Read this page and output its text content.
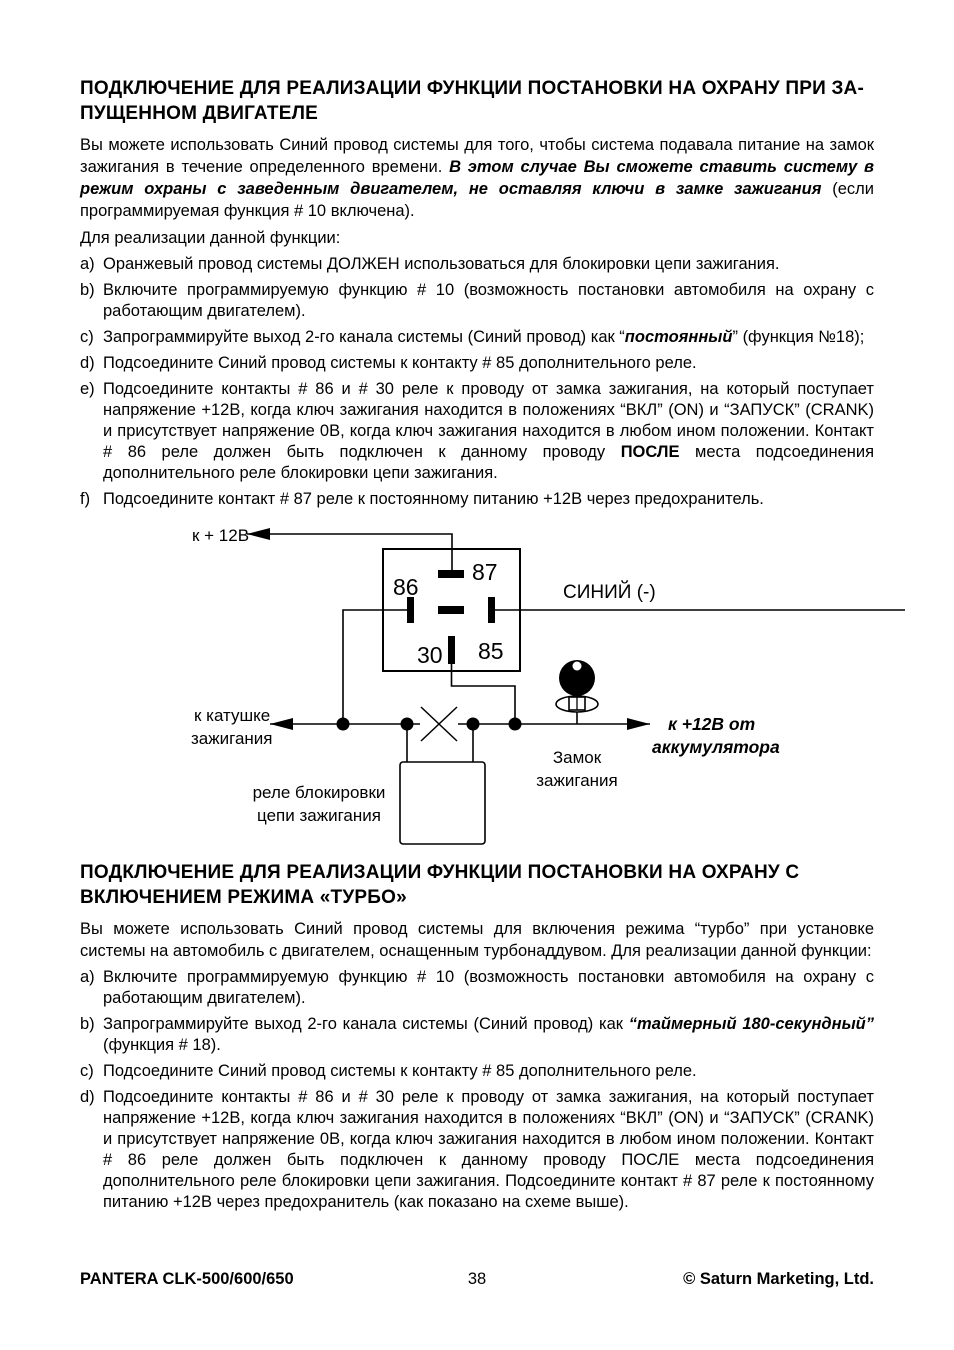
ПОДКЛЮЧЕНИЕ ДЛЯ РЕАЛИЗАЦИИ ФУНКЦИИ ПОСТАНОВКИ НА ОХРАНУ ПРИ ЗА-
ПУЩЕННОМ ДВИГАТЕЛЕ

Вы можете использовать Синий провод системы для того, чтобы система подавала питание на замок зажигания в течение определенного времени. В этом случае Вы сможете ставить систему в режим охраны с заведенным двигателем, не оставляя ключи в замке зажигания (если программируемая функция # 10 включена).

Для реализации данной функции:

a) Оранжевый провод системы ДОЛЖЕН использоваться для блокировки цепи зажигания.
b) Включите программируемую функцию # 10 (возможность постановки автомобиля на охрану с работающим двигателем).
c) Запрограммируйте выход 2-го канала системы (Синий провод) как “постоянный” (функция №18);
d) Подсоедините Синий провод системы к контакту # 85 дополнительного реле.
e) Подсоедините контакты # 86 и # 30 реле к проводу от замка зажигания, на который поступает напряжение +12В, когда ключ зажигания находится в положениях “ВКЛ” (ON) и “ЗАПУСК” (CRANK) и присутствует напряжение 0В, когда ключ зажигания находится в любом ином положении. Контакт # 86 реле должен быть подключен к данному проводу ПОСЛЕ места подсоединения дополнительного реле блокировки цепи зажигания.
f) Подсоедините контакт # 87 реле к постоянному питанию +12В через предохранитель.
к + 12В
87
86
85
30
СИНИЙ (-)
к катушке
зажигания
реле блокировки
цепи зажигания
Замок
зажигания
к +12В от
аккумулятора
ПОДКЛЮЧЕНИЕ ДЛЯ РЕАЛИЗАЦИИ ФУНКЦИИ ПОСТАНОВКИ НА ОХРАНУ С
ВКЛЮЧЕНИЕМ РЕЖИМА «ТУРБО»

Вы можете использовать Синий провод системы для включения режима “турбо” при установке системы на автомобиль с двигателем, оснащенным турбонаддувом. Для реализации данной функции:

a) Включите программируемую функцию # 10 (возможность постановки автомобиля на охрану с работающим двигателем).
b) Запрограммируйте выход 2-го канала системы (Синий провод) как “таймерный 180-секундный” (функция # 18).
c) Подсоедините Синий провод системы к контакту # 85 дополнительного реле.
d) Подсоедините контакты # 86 и # 30 реле к проводу от замка зажигания, на который поступает напряжение +12В, когда ключ зажигания находится в положениях “ВКЛ” (ON) и “ЗАПУСК” (CRANK) и присутствует напряжение 0В, когда ключ зажигания находится в любом ином положении. Контакт # 86 реле должен быть подключен к данному проводу ПОСЛЕ места подсоединения дополнительного реле блокировки цепи зажигания. Подсоедините контакт # 87 реле к постоянному питанию +12В через предохранитель (как показано на схеме выше).
PANTERA CLK-500/600/650	38	© Saturn Marketing, Ltd.
